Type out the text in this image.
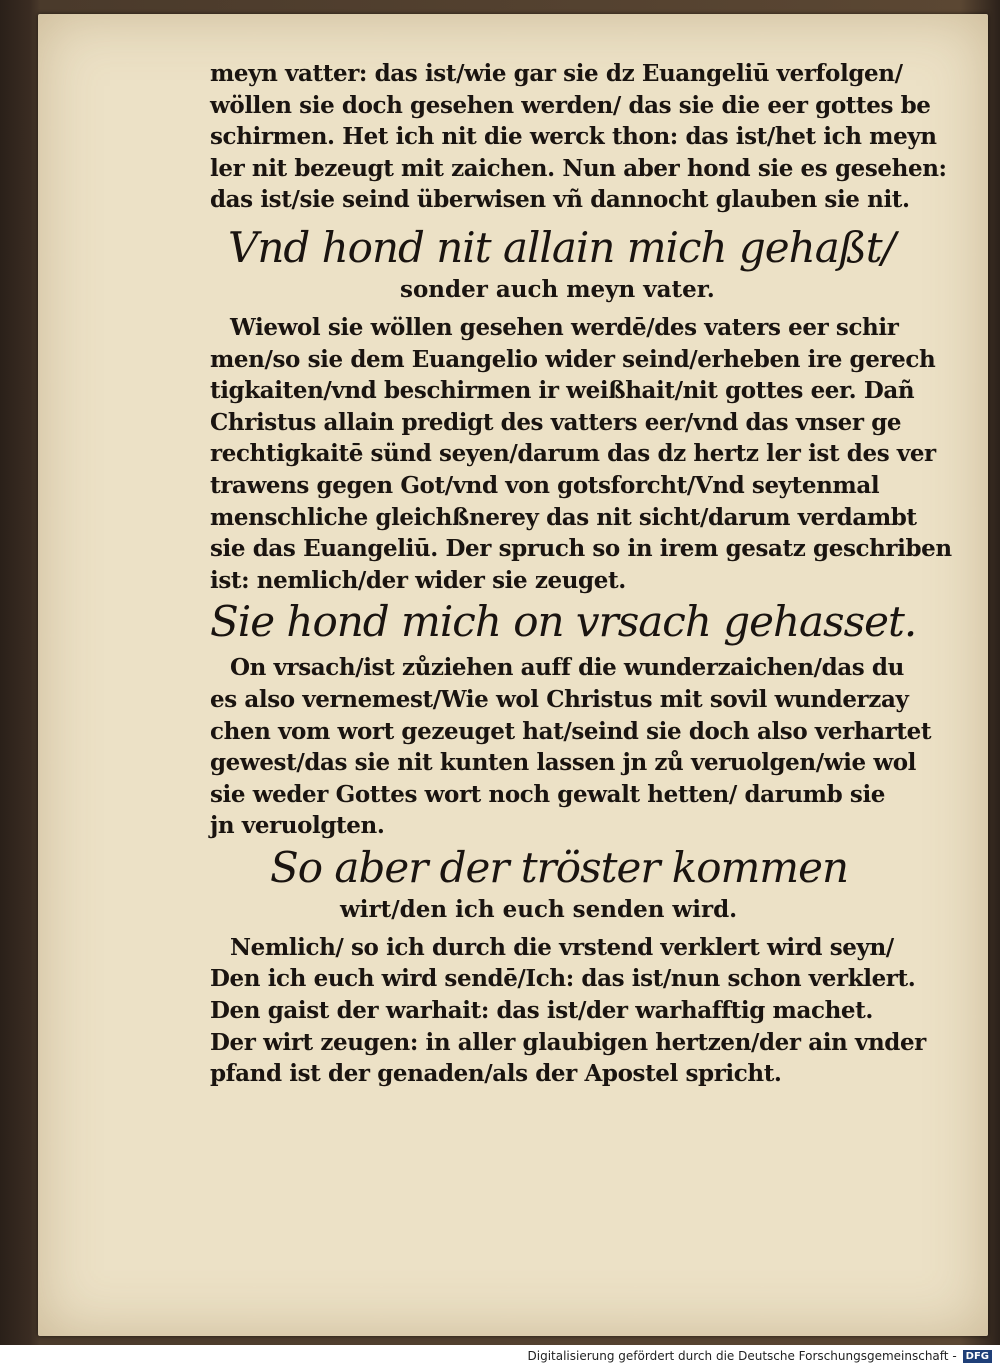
meyn vatter: das ist/wie gar sie dz Euangeliū verfolgen/
wöllen sie doch gesehen werden/ das sie die eer gottes be
schirmen. Het ich nit die werck thon: das ist/het ich meyn
ler nit bezeugt mit zaichen. Nun aber hond sie es gesehen:
das ist/sie seind überwisen vñ dannocht glauben sie nit.
Vnd hond nit allain mich gehaßt/
sonder auch meyn vater.
Wiewol sie wöllen gesehen werdē/des vaters eer schir
men/so sie dem Euangelio wider seind/erheben ire gerech
tigkaiten/vnd beschirmen ir weißhait/nit gottes eer. Dañ
Christus allain predigt des vatters eer/vnd das vnser ge
rechtigkaitē sünd seyen/darum das dz hertz ler ist des ver
trawens gegen Got/vnd von gotsforcht/Vnd seytenmal
menschliche gleichßnerey das nit sicht/darum verdambt
sie das Euangeliū. Der spruch so in irem gesatz geschriben
ist: nemlich/der wider sie zeuget.
Sie hond mich on vrsach gehasset.
On vrsach/ist zůziehen auff die wunderzaichen/das du
es also vernemest/Wie wol Christus mit sovil wunderzay
chen vom wort gezeuget hat/seind sie doch also verhartet
gewest/das sie nit kunten lassen jn zů veruolgen/wie wol
sie weder Gottes wort noch gewalt hetten/ darumb sie
jn veruolgten.
So aber der tröster kommen
wirt/den ich euch senden wird.
Nemlich/ so ich durch die vrstend verklert wird seyn/
Den ich euch wird sendē/Ich: das ist/nun schon verklert.
Den gaist der warhait: das ist/der warhafftig machet.
Der wirt zeugen: in aller glaubigen hertzen/der ain vnder
pfand ist der genaden/als der Apostel spricht.
Digitalisierung gefördert durch die Deutsche Forschungsgemeinschaft - DFG
